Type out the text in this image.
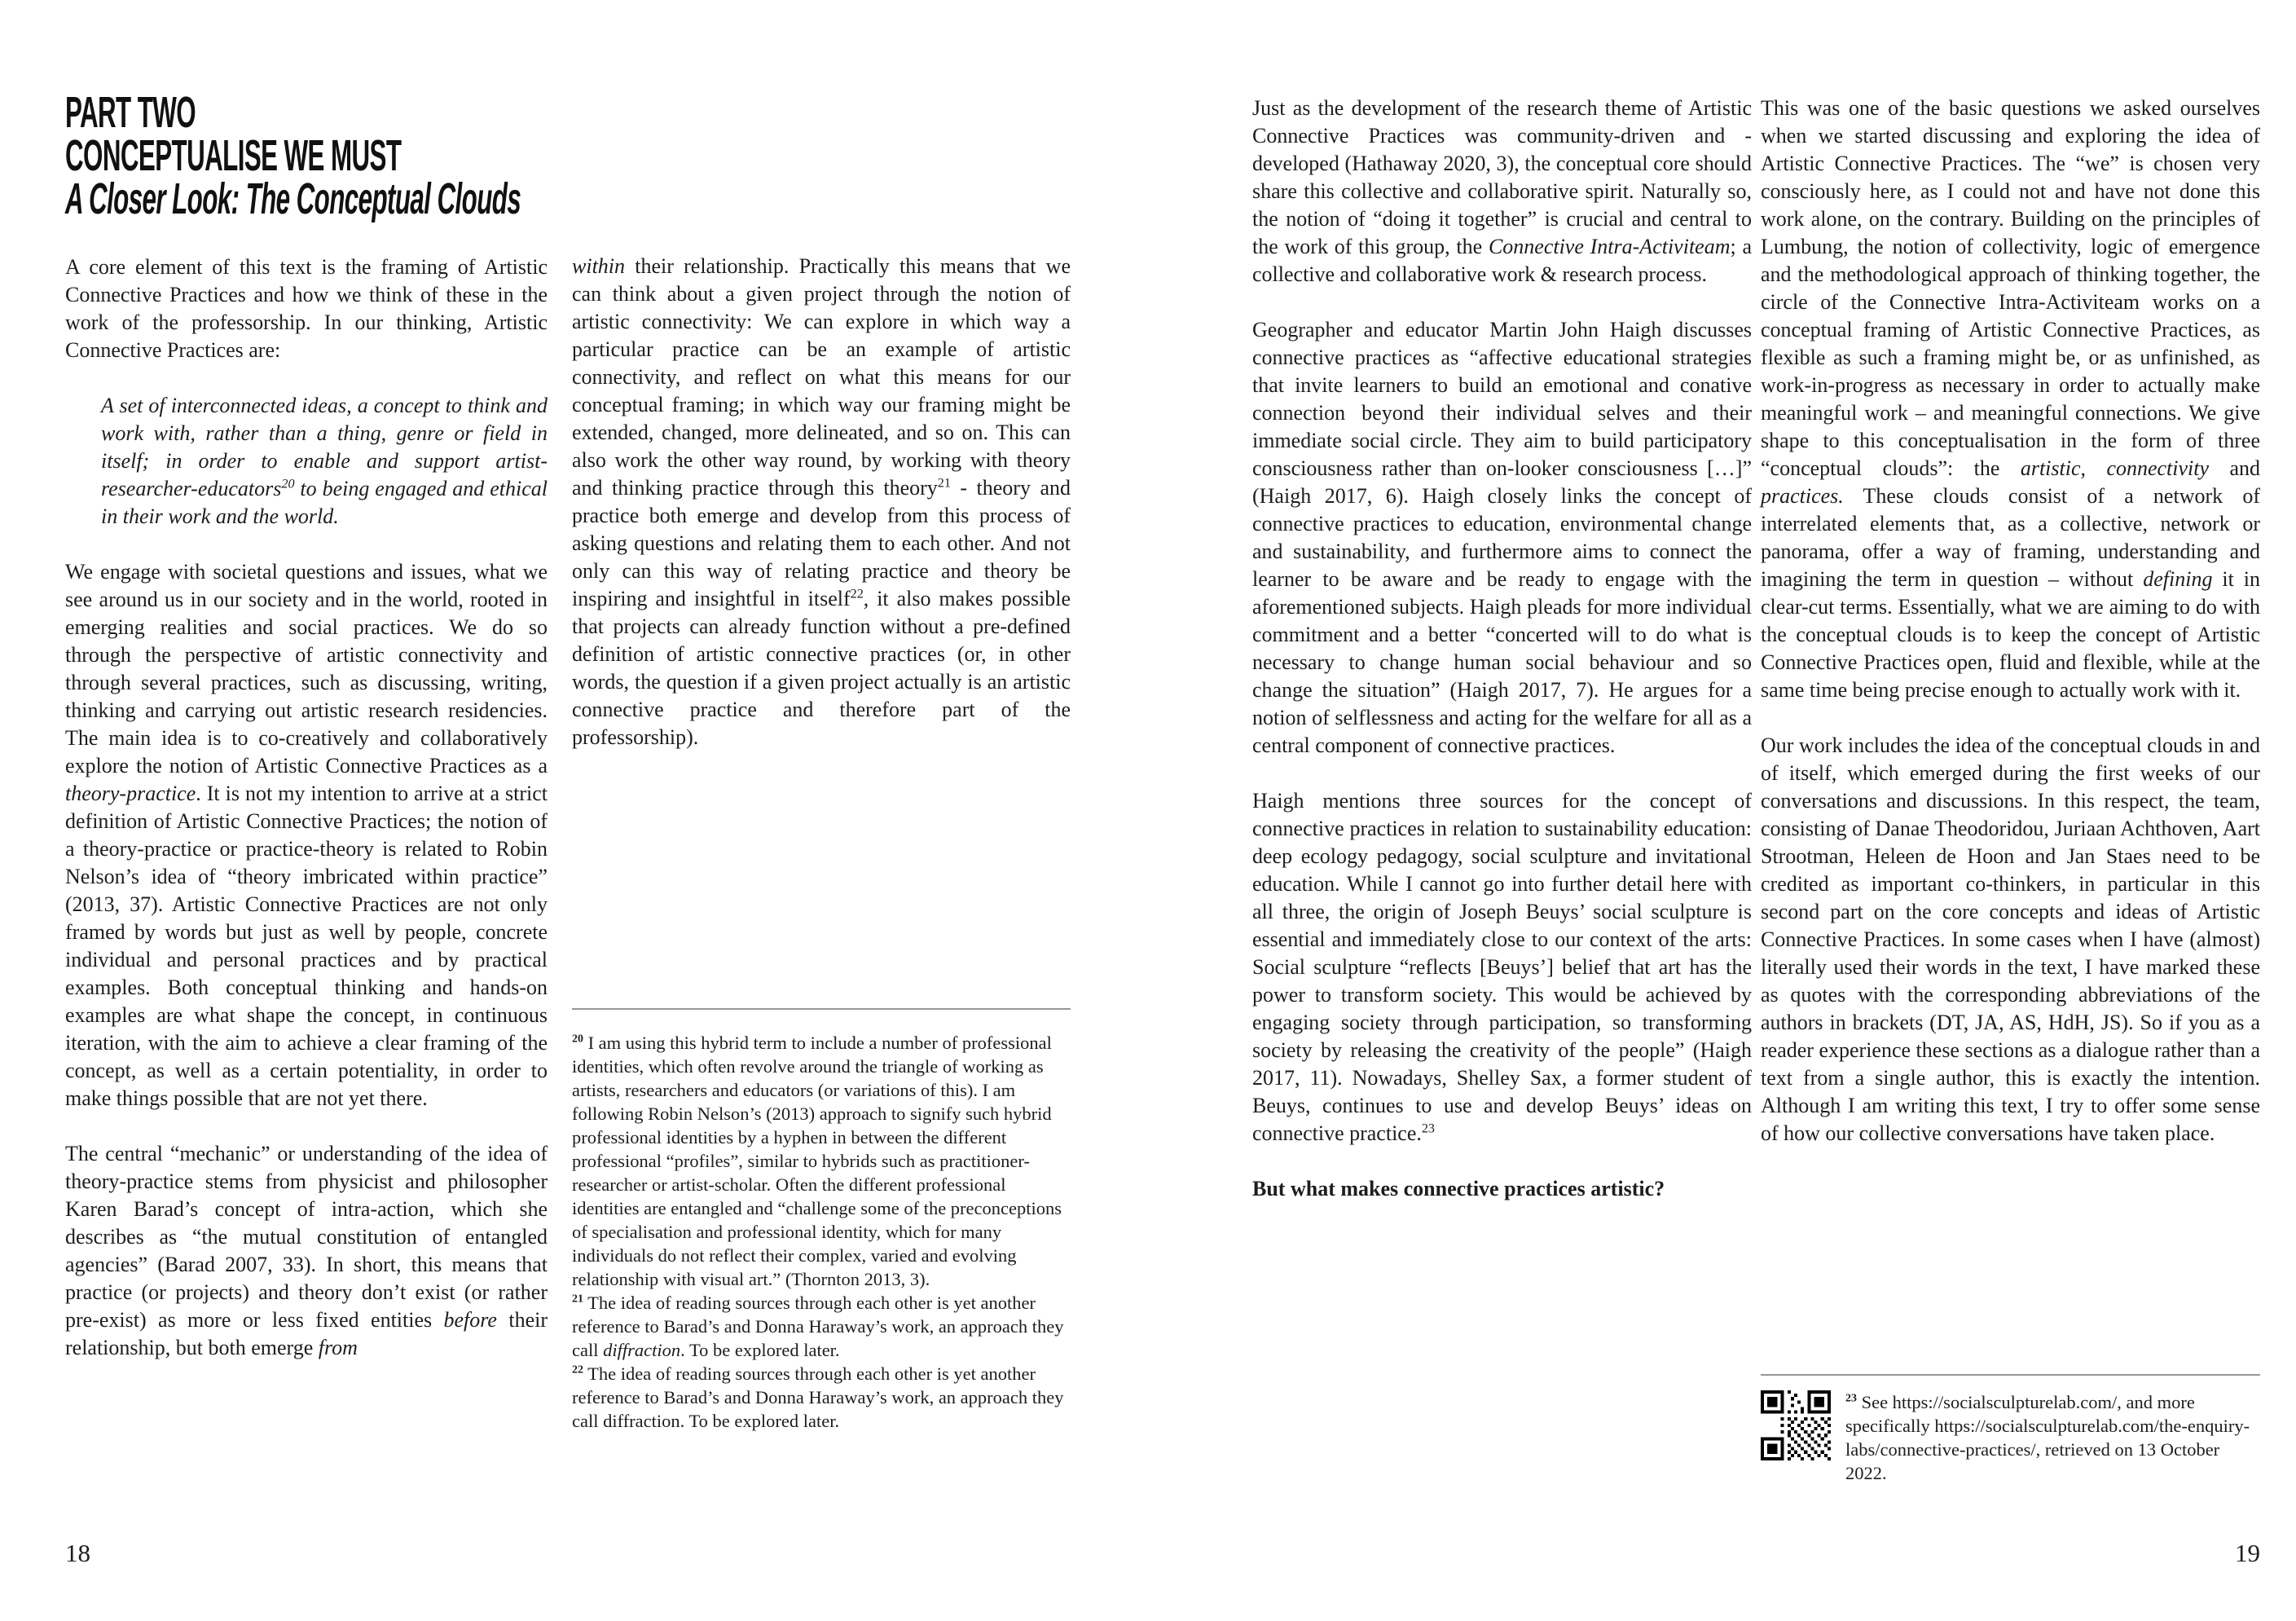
PART TWO
CONCEPTUALISE WE MUST
A Closer Look: The Conceptual Clouds

A core element of this text is the framing of Artistic Connective Practices and how we think of these in the work of the professorship. In our thinking, Artistic Connective Practices are:

A set of interconnected ideas, a concept to think and work with, rather than a thing, genre or field in itself; in order to enable and support artist-researcher-educators$^{20}$ to being engaged and ethical in their work and the world.

We engage with societal questions and issues, what we see around us in our society and in the world, rooted in emerging realities and social practices. We do so through the perspective of artistic connectivity and through several practices, such as discussing, writing, thinking and carrying out artistic research residencies. The main idea is to co-creatively and collaboratively explore the notion of Artistic Connective Practices as a theory-practice. It is not my intention to arrive at a strict definition of Artistic Connective Practices; the notion of a theory-practice or practice-theory is related to Robin Nelson’s idea of “theory imbricated within practice” (2013, 37). Artistic Connective Practices are not only framed by words but just as well by people, concrete individual and personal practices and by practical examples. Both conceptual thinking and hands-on examples are what shape the concept, in continuous iteration, with the aim to achieve a clear framing of the concept, as well as a certain potentiality, in order to make things possible that are not yet there.

The central “mechanic” or understanding of the idea of theory-practice stems from physicist and philosopher Karen Barad’s concept of intra-action, which she describes as “the mutual constitution of entangled agencies” (Barad 2007, 33). In short, this means that practice (or projects) and theory don’t exist (or rather pre-exist) as more or less fixed entities before their relationship, but both emerge from

within their relationship. Practically this means that we can think about a given project through the notion of artistic connectivity: We can explore in which way a particular practice can be an example of artistic connectivity, and reflect on what this means for our conceptual framing; in which way our framing might be extended, changed, more delineated, and so on. This can also work the other way round, by working with theory and thinking practice through this theory$^{21}$ - theory and practice both emerge and develop from this process of asking questions and relating them to each other. And not only can this way of relating practice and theory be inspiring and insightful in itself$^{22}$, it also makes possible that projects can already function without a pre-defined definition of artistic connective practices (or, in other words, the question if a given project actually is an artistic connective practice and therefore part of the professorship).

$^{20}$ I am using this hybrid term to include a number of professional identities, which often revolve around the triangle of working as artists, researchers and educators (or variations of this). I am following Robin Nelson’s (2013) approach to signify such hybrid professional identities by a hyphen in between the different professional “profiles”, similar to hybrids such as practitioner-researcher or artist-scholar. Often the different professional identities are entangled and “challenge some of the preconceptions of specialisation and professional identity, which for many individuals do not reflect their complex, varied and evolving relationship with visual art.” (Thornton 2013, 3).

$^{21}$ The idea of reading sources through each other is yet another reference to Barad’s and Donna Haraway’s work, an approach they call diffraction. To be explored later.

$^{22}$ The idea of reading sources through each other is yet another reference to Barad’s and Donna Haraway’s work, an approach they call diffraction. To be explored later.

18

Just as the development of the research theme of Artistic Connective Practices was community-driven and -developed (Hathaway 2020, 3), the conceptual core should share this collective and collaborative spirit. Naturally so, the notion of “doing it together” is crucial and central to the work of this group, the Connective Intra-Activiteam; a collective and collaborative work & research process.

Geographer and educator Martin John Haigh discusses connective practices as “affective educational strategies that invite learners to build an emotional and conative connection beyond their individual selves and their immediate social circle. They aim to build participatory consciousness rather than on-looker consciousness […]” (Haigh 2017, 6). Haigh closely links the concept of connective practices to education, environmental change and sustainability, and furthermore aims to connect the learner to be aware and be ready to engage with the aforementioned subjects. Haigh pleads for more individual commitment and a better “concerted will to do what is necessary to change human social behaviour and so change the situation” (Haigh 2017, 7). He argues for a notion of selflessness and acting for the welfare for all as a central component of connective practices.

Haigh mentions three sources for the concept of connective practices in relation to sustainability education: deep ecology pedagogy, social sculpture and invitational education. While I cannot go into further detail here with all three, the origin of Joseph Beuys’ social sculpture is essential and immediately close to our context of the arts: Social sculpture “reflects [Beuys’] belief that art has the power to transform society. This would be achieved by engaging society through participation, so transforming society by releasing the creativity of the people” (Haigh 2017, 11). Nowadays, Shelley Sax, a former student of Beuys, continues to use and develop Beuys’ ideas on connective practice.$^{23}$

But what makes connective practices artistic?

This was one of the basic questions we asked ourselves when we started discussing and exploring the idea of Artistic Connective Practices. The “we” is chosen very consciously here, as I could not and have not done this work alone, on the contrary. Building on the principles of Lumbung, the notion of collectivity, logic of emergence and the methodological approach of thinking together, the circle of the Connective Intra-Activiteam works on a conceptual framing of Artistic Connective Practices, as flexible as such a framing might be, or as unfinished, as work-in-progress as necessary in order to actually make meaningful work – and meaningful connections. We give shape to this conceptualisation in the form of three “conceptual clouds”: the artistic, connectivity and practices. These clouds consist of a network of interrelated elements that, as a collective, network or panorama, offer a way of framing, understanding and imagining the term in question – without defining it in clear-cut terms. Essentially, what we are aiming to do with the conceptual clouds is to keep the concept of Artistic Connective Practices open, fluid and flexible, while at the same time being precise enough to actually work with it.

Our work includes the idea of the conceptual clouds in and of itself, which emerged during the first weeks of our conversations and discussions. In this respect, the team, consisting of Danae Theodoridou, Juriaan Achthoven, Aart Strootman, Heleen de Hoon and Jan Staes need to be credited as important co-thinkers, in particular in this second part on the core concepts and ideas of Artistic Connective Practices. In some cases when I have (almost) literally used their words in the text, I have marked these as quotes with the corresponding abbreviations of the authors in brackets (DT, JA, AS, HdH, JS). So if you as a reader experience these sections as a dialogue rather than a text from a single author, this is exactly the intention. Although I am writing this text, I try to offer some sense of how our collective conversations have taken place.

$^{23}$ See https://socialsculpturelab.com/, and more specifically https://socialsculpturelab.com/the-enquiry-labs/connective-practices/, retrieved on 13 October 2022.

19
